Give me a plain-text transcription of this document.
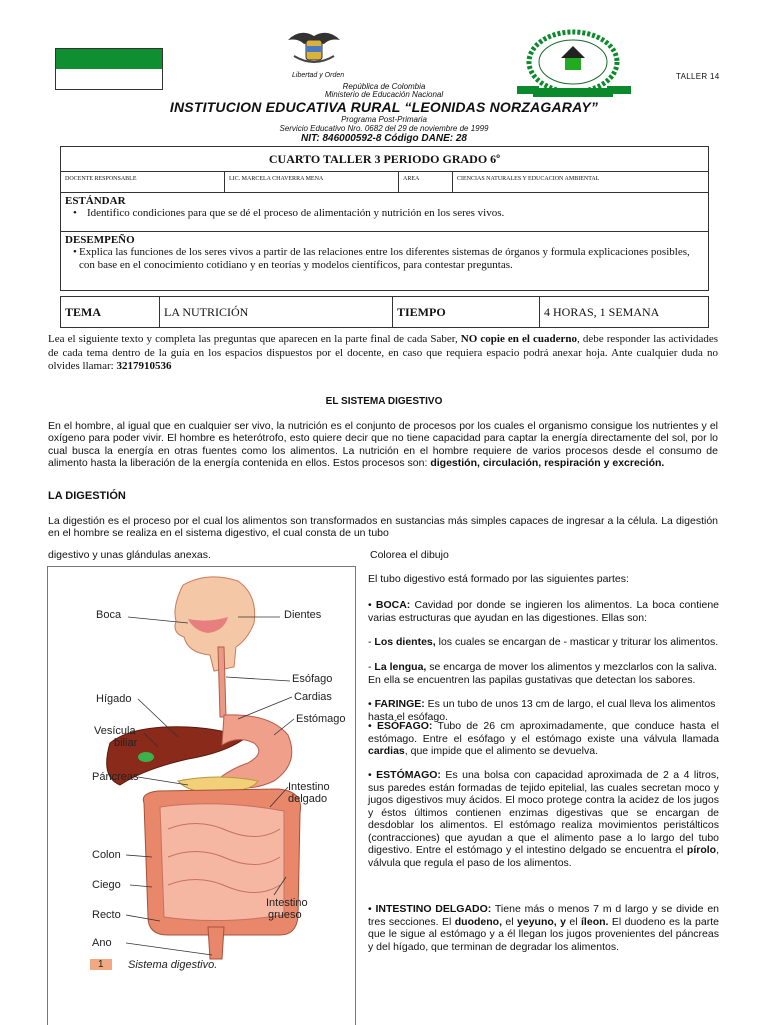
Libertad y Orden	TALLER 14
República de Colombia
Ministerio de Educación Nacional
INSTITUCION EDUCATIVA RURAL “LEONIDAS NORZAGARAY”
Programa Post-Primaria
Servicio Educativo Nro. 0682 del 29 de noviembre de 1999
NIT: 846000592-8 Código DANE: 28
CUARTO TALLER 3 PERIODO GRADO 6º
DOCENTE RESPONSABLE	LIC. MARCELA CHAVERRA MENA	AREA	CIENCIAS NATURALES Y EDUCACION AMBIENTAL

ESTÁNDAR
• Identifico condiciones para que se dé el proceso de alimentación y nutrición en los seres vivos.

DESEMPEÑO
• Explica las funciones de los seres vivos a partir de las relaciones entre los diferentes sistemas de órganos y formula explicaciones posibles, con base en el conocimiento cotidiano y en teorías y modelos científicos, para contestar preguntas.
TEMA	LA NUTRICIÓN	TIEMPO	4 HORAS, 1 SEMANA
Lea el siguiente texto y completa las preguntas que aparecen en la parte final de cada Saber, NO copie en el cuaderno, debe responder las actividades de cada tema dentro de la guía en los espacios dispuestos por el docente, en caso que requiera espacio podrá anexar hoja. Ante cualquier duda no olvides llamar: 3217910536
EL SISTEMA DIGESTIVO
En el hombre, al igual que en cualquier ser vivo, la nutrición es el conjunto de procesos por los cuales el organismo consigue los nutrientes y el oxígeno para poder vivir. El hombre es heterótrofo, esto quiere decir que no tiene capacidad para captar la energía directamente del sol, por lo cual busca la energía en otras fuentes como los alimentos. La nutrición en el hombre requiere de varios procesos desde el consumo de alimento hasta la liberación de la energía contenida en ellos. Estos procesos son: digestión, circulación, respiración y excreción.
LA DIGESTIÓN
La digestión es el proceso por el cual los alimentos son transformados en sustancias más simples capaces de ingresar a la célula. La digestión en el hombre se realiza en el sistema digestivo, el cual consta de un tubo
digestivo y unas glándulas anexas.	Colorea el dibujo
Boca	Dientes
Esófago
Cardias
Estómago
Hígado
Vesícula
biliar
Páncreas
Intestino
delgado
Colon
Ciego
Recto
Intestino
grueso
Ano
1	Sistema digestivo.
El tubo digestivo está formado por las siguientes partes:
• BOCA: Cavidad por donde se ingieren los alimentos. La boca contiene varias estructuras que ayudan en las digestiones. Ellas son:
- Los dientes, los cuales se encargan de - masticar y triturar los alimentos.
- La lengua, se encarga de mover los alimentos y mezclarlos con la saliva. En ella se encuentren las papilas gustativas que detectan los sabores.
• FARINGE: Es un tubo de unos 13 cm de largo, el cual lleva los alimentos hasta el esófago.
• ESÓFAGO: Tubo de 26 cm aproximadamente, que conduce hasta el estómago. Entre el esófago y el estómago existe una válvula llamada cardias, que impide que el alimento se devuelva.
• ESTÓMAGO: Es una bolsa con capacidad aproximada de 2 a 4 litros, sus paredes están formadas de tejido epitelial, las cuales secretan moco y jugos digestivos muy ácidos. El moco protege contra la acidez de los jugos y éstos últimos contienen enzimas digestivas que se encargan de desdoblar los alimentos. El estómago realiza movimientos peristálticos (contracciones) que ayudan a que el alimento pase a lo largo del tubo digestivo. Entre el estómago y el intestino delgado se encuentra el pírolo, válvula que regula el paso de los alimentos.
• INTESTINO DELGADO: Tiene más o menos 7 m d largo y se divide en tres secciones. El duodeno, el yeyuno, y el íleon. El duodeno es la parte que le sigue al estómago y a él llegan los jugos provenientes del páncreas y del hígado, que terminan de degradar los alimentos.
